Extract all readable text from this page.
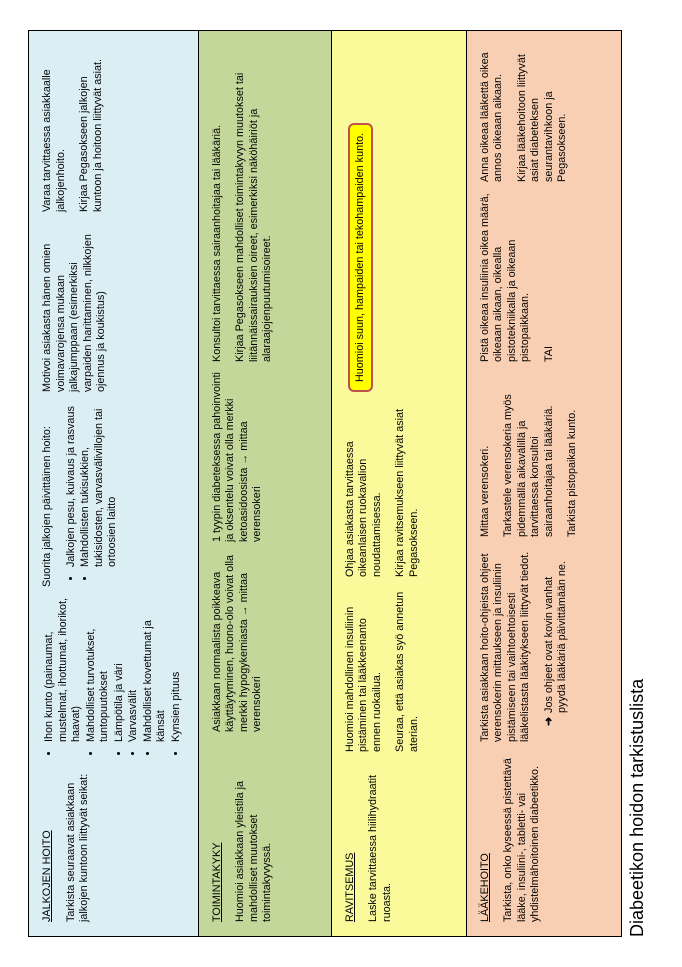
Diabeetikon hoidon tarkistuslista
JALKOJEN HOITO Tarkista seuraavat asiakkaan jalkojen kuntoon liittyvät seikat:

• Ihon kunto (painaumat, mustelmat, ihottumat, ihorikot, haavat) • Mahdolliset turvotukset, tuntopuutokset • Lämpötila ja väri • Varvasvälit • Mahdolliset kovettumat ja känsät • Kynsien pituus

Suorita jalkojen päivittäinen hoito: • Jalkojen pesu, kuivaus ja rasvaus • Mahdollisten tukisukkien, tukisidosten, varvasvälivillojen tai ortoosien laitto

Motivoi asiakasta hänen omien voimavarojensa mukaan jalkajumppaan (esimerkiksi varpaiden harittaminen, nilkkojen ojennus ja koukistus)

Varaa tarvittaessa asiakkaalle jalkojenhoito. Kirjaa Pegasokseen jalkojen kuntoon ja hoitoon liittyvät asiat.

TOIMINTAKYKY Huomioi asiakkaan yleistila ja mahdolliset muutokset toimintakyvyssä.

Asiakkaan normaalista poikkeava käyttäytyminen, huono-olo voivat olla merkki hypogykemiasta → mittaa verensokeri

1 tyypin diabeteksessa pahoinvointi ja oksentelu voivat olla merkki ketoasidoosista → mittaa verensokeri

Konsultoi tarvittaessa sairaanhoitajaa tai lääkäriä. Kirjaa Pegasokseen mahdolliset toimintakyvyn muutokset tai liitännäissairauksien oireet, esimerkiksi näköhäiriöt ja alaraajojenpuutumisoireet.

RAVITSEMUS Laske tarvittaessa hiilihydraatit ruoasta.

Huomioi mahdollinen insuliinin pistäminen tai lääkkeenanto ennen ruokailua. Seuraa, että asiakas syö annetun aterian.

Ohjaa asiakasta tarvittaessa oikeanlaisen ruokavalion noudattamisessa. Kirjaa ravitsemukseen liittyvät asiat Pegasokseen.

Huomioi suun, hampaiden tai tekohampaiden kunto.
LÄÄKEHOITO Tarkista, onko kyseessä pistettävä lääke, insuliini-, tabletti- vai yhdistelmähoitoinen diabeetikko.

Tarkista asiakkaan hoito-ohjeista ohjeet verensokerin mittaukseen ja insuliinin pistämiseen tai vaihtoehtoisesti lääkelistasta lääkitykseen liittyvät tiedot. ➜
Jos ohjeet ovat kovin vanhat pyydä lääkäriä päivittämään ne.

Mittaa verensokeri. Tarkastele verensokeria myös pidemmällä aikavälillä ja tarvittaessa konsultoi sairaanhoitajaa tai lääkäriä. Tarkista pistopaikan kunto.

Pistä oikeaa insuliinia oikea määrä, oikeaan aikaan, oikealla pistotekniikalla ja oikeaan pistopaikkaan. TAI

Anna oikeaa lääkettä oikea annos oikeaan aikaan. Kirjaa lääkehoitoon liittyvät asiat diabeteksen seurantavihkoon ja Pegasokseen.
